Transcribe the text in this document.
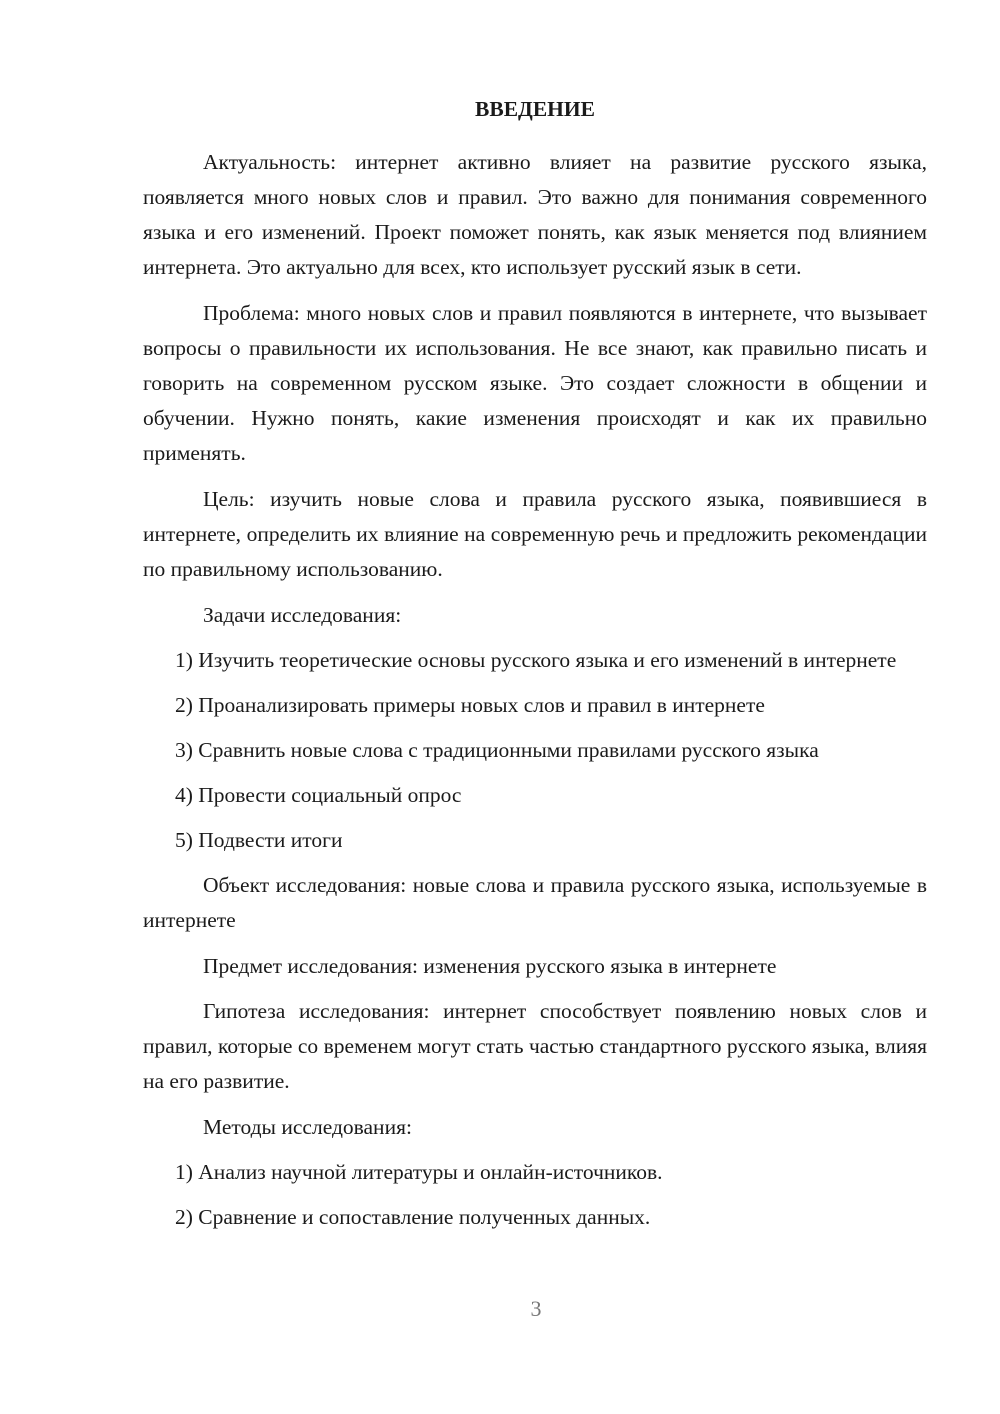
ВВЕДЕНИЕ

Актуальность: интернет активно влияет на развитие русского языка, появляется много новых слов и правил. Это важно для понимания современного языка и его изменений. Проект поможет понять, как язык меняется под влиянием интернета. Это актуально для всех, кто использует русский язык в сети.

Проблема: много новых слов и правил появляются в интернете, что вызывает вопросы о правильности их использования. Не все знают, как правильно писать и говорить на современном русском языке. Это создает сложности в общении и обучении. Нужно понять, какие изменения происходят и как их правильно применять.

Цель: изучить новые слова и правила русского языка, появившиеся в интернете, определить их влияние на современную речь и предложить рекомендации по правильному использованию.

Задачи исследования:

1) Изучить теоретические основы русского языка и его изменений в интернете

2) Проанализировать примеры новых слов и правил в интернете

3) Сравнить новые слова с традиционными правилами русского языка

4) Провести социальный опрос

5) Подвести итоги

Объект исследования: новые слова и правила русского языка, используемые в интернете

Предмет исследования: изменения русского языка в интернете

Гипотеза исследования: интернет способствует появлению новых слов и правил, которые со временем могут стать частью стандартного русского языка, влияя на его развитие.

Методы исследования:

1) Анализ научной литературы и онлайн-источников.

2) Сравнение и сопоставление полученных данных.

3
